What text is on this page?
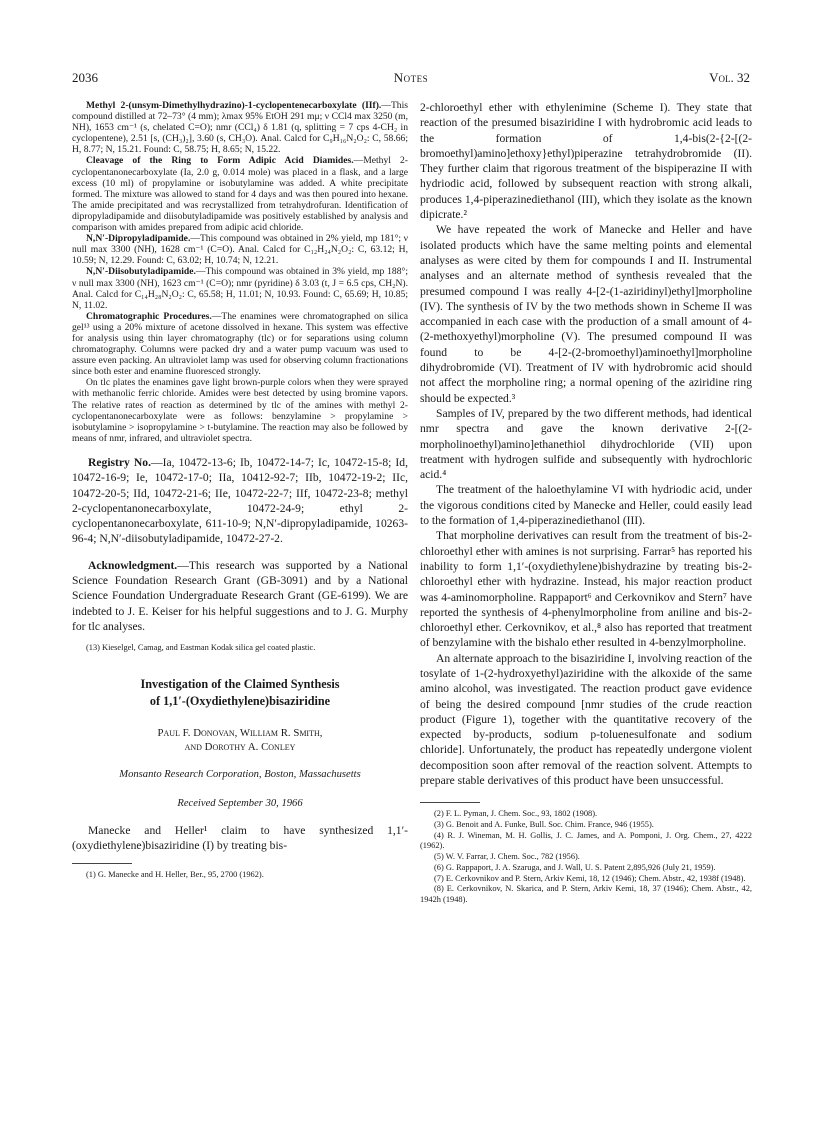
2036	Notes	Vol. 32

Methyl 2-(unsym-Dimethylhydrazino)-1-cyclopentenecarboxylate (IIf).—This compound distilled at 72–73° (4 mm); λmax 95% EtOH 291 mμ; ν CCl4 max 3250 (m, NH), 1653 cm⁻¹ (s, chelated C=O); nmr (CCl₄) δ 1.81 (q, splitting = 7 cps 4-CH₂ in cyclopentene), 2.51 [s, (CH₃)₂], 3.60 (s, CH₃O). Anal. Calcd for C₉H₁₆N₂O₂: C, 58.66; H, 8.77; N, 15.21. Found: C, 58.75; H, 8.65; N, 15.22.

Cleavage of the Ring to Form Adipic Acid Diamides.—Methyl 2-cyclopentanonecarboxylate (Ia, 2.0 g, 0.014 mole) was placed in a flask, and a large excess (10 ml) of propylamine or isobutylamine was added. A white precipitate formed. The mixture was allowed to stand for 4 days and was then poured into hexane. The amide precipitated and was recrystallized from tetrahydrofuran. Identification of dipropyladipamide and diisobutyladipamide was positively established by analysis and comparison with amides prepared from adipic acid chloride.

N,N′-Dipropyladipamide.—This compound was obtained in 2% yield, mp 181°; ν null max 3300 (NH), 1628 cm⁻¹ (C=O). Anal. Calcd for C₁₂H₂₄N₂O₂: C, 63.12; H, 10.59; N, 12.29. Found: C, 63.02; H, 10.74; N, 12.21.

N,N′-Diisobutyladipamide.—This compound was obtained in 3% yield, mp 188°; ν null max 3300 (NH), 1623 cm⁻¹ (C=O); nmr (pyridine) δ 3.03 (t, J = 6.5 cps, CH₂N). Anal. Calcd for C₁₄H₂₈N₂O₂: C, 65.58; H, 11.01; N, 10.93. Found: C, 65.69; H, 10.85; N, 11.02.

Chromatographic Procedures.—The enamines were chromatographed on silica gel¹³ using a 20% mixture of acetone dissolved in hexane. This system was effective for analysis using thin layer chromatography (tlc) or for separations using column chromatography. Columns were packed dry and a water pump vacuum was used to assure even packing. An ultraviolet lamp was used for observing column fractionations since both ester and enamine fluoresced strongly.

On tlc plates the enamines gave light brown-purple colors when they were sprayed with methanolic ferric chloride. Amides were best detected by using bromine vapors. The relative rates of reaction as determined by tlc of the amines with methyl 2-cyclopentanonecarboxylate were as follows: benzylamine > propylamine > isobutylamine > isopropylamine > t-butylamine. The reaction may also be followed by means of nmr, infrared, and ultraviolet spectra.

Registry No.—Ia, 10472-13-6; Ib, 10472-14-7; Ic, 10472-15-8; Id, 10472-16-9; Ie, 10472-17-0; IIa, 10412-92-7; IIb, 10472-19-2; IIc, 10472-20-5; IId, 10472-21-6; IIe, 10472-22-7; IIf, 10472-23-8; methyl 2-cyclopentanonecarboxylate, 10472-24-9; ethyl 2-cyclopentanonecarboxylate, 611-10-9; N,N′-dipropyladipamide, 10263-96-4; N,N′-diisobutyladipamide, 10472-27-2.

Acknowledgment.—This research was supported by a National Science Foundation Research Grant (GB-3091) and by a National Science Foundation Undergraduate Research Grant (GE-6199). We are indebted to J. E. Keiser for his helpful suggestions and to J. G. Murphy for tlc analyses.

(13) Kieselgel, Camag, and Eastman Kodak silica gel coated plastic.

Investigation of the Claimed Synthesis
of 1,1′-(Oxydiethylene)bisaziridine
Paul F. Donovan, William R. Smith,
and Dorothy A. Conley
Monsanto Research Corporation, Boston, Massachusetts
Received September 30, 1966

Manecke and Heller¹ claim to have synthesized 1,1′-(oxydiethylene)bisaziridine (I) by treating bis-

(1) G. Manecke and H. Heller, Ber., 95, 2700 (1962).

2-chloroethyl ether with ethylenimine (Scheme I). They state that reaction of the presumed bisaziridine I with hydrobromic acid leads to the formation of 1,4-bis(2-{2-[(2-bromoethyl)amino]ethoxy}ethyl)piperazine tetrahydrobromide (II). They further claim that rigorous treatment of the bispiperazine II with hydriodic acid, followed by subsequent reaction with strong alkali, produces 1,4-piperazinediethanol (III), which they isolate as the known dipicrate.²

We have repeated the work of Manecke and Heller and have isolated products which have the same melting points and elemental analyses as were cited by them for compounds I and II. Instrumental analyses and an alternate method of synthesis revealed that the presumed compound I was really 4-[2-(1-aziridinyl)ethyl]morpholine (IV). The synthesis of IV by the two methods shown in Scheme II was accompanied in each case with the production of a small amount of 4-(2-methoxyethyl)morpholine (V). The presumed compound II was found to be 4-[2-(2-bromoethyl)aminoethyl]morpholine dihydrobromide (VI). Treatment of IV with hydrobromic acid should not affect the morpholine ring; a normal opening of the aziridine ring should be expected.³

Samples of IV, prepared by the two different methods, had identical nmr spectra and gave the known derivative 2-[(2-morpholinoethyl)amino]ethanethiol dihydrochloride (VII) upon treatment with hydrogen sulfide and subsequently with hydrochloric acid.⁴

The treatment of the haloethylamine VI with hydriodic acid, under the vigorous conditions cited by Manecke and Heller, could easily lead to the formation of 1,4-piperazinediethanol (III).

That morpholine derivatives can result from the treatment of bis-2-chloroethyl ether with amines is not surprising. Farrar⁵ has reported his inability to form 1,1′-(oxydiethylene)bishydrazine by treating bis-2-chloroethyl ether with hydrazine. Instead, his major reaction product was 4-aminomorpholine. Rappaport⁶ and Cerkovnikov and Stern⁷ have reported the synthesis of 4-phenylmorpholine from aniline and bis-2-chloroethyl ether. Cerkovnikov, et al.,⁸ also has reported that treatment of benzylamine with the bishalo ether resulted in 4-benzylmorpholine.

An alternate approach to the bisaziridine I, involving reaction of the tosylate of 1-(2-hydroxyethyl)aziridine with the alkoxide of the same amino alcohol, was investigated. The reaction product gave evidence of being the desired compound [nmr studies of the crude reaction product (Figure 1), together with the quantitative recovery of the expected by-products, sodium p-toluenesulfonate and sodium chloride]. Unfortunately, the product has repeatedly undergone violent decomposition soon after removal of the reaction solvent. Attempts to prepare stable derivatives of this product have been unsuccessful.

(2) F. L. Pyman, J. Chem. Soc., 93, 1802 (1908).

(3) G. Benoit and A. Funke, Bull. Soc. Chim. France, 946 (1955).

(4) R. J. Wineman, M. H. Gollis, J. C. James, and A. Pomponi, J. Org. Chem., 27, 4222 (1962).

(5) W. V. Farrar, J. Chem. Soc., 782 (1956).

(6) G. Rappaport, J. A. Szaruga, and J. Wall, U. S. Patent 2,895,926 (July 21, 1959).

(7) E. Cerkovnikov and P. Stern, Arkiv Kemi, 18, 12 (1946); Chem. Abstr., 42, 1938f (1948).

(8) E. Cerkovnikov, N. Skarica, and P. Stern, Arkiv Kemi, 18, 37 (1946); Chem. Abstr., 42, 1942h (1948).
